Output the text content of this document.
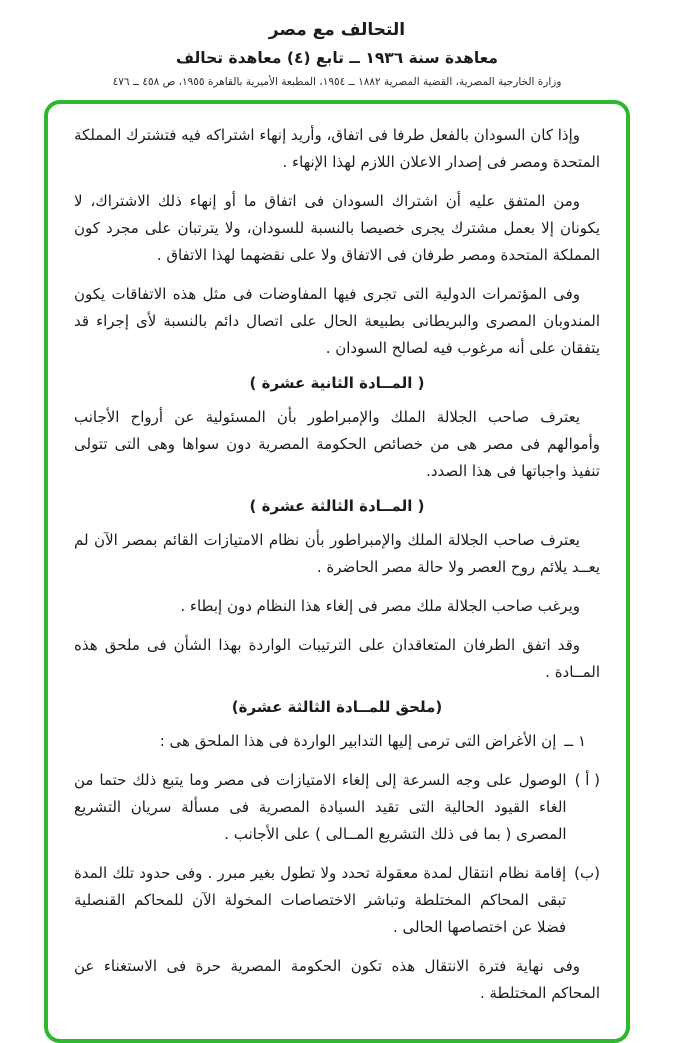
التحالف مع مصر
معاهدة سنة ١٩٣٦ ــ تابع (٤) معاهدة تحالف
وزارة الخارجية المصرية، القضية المصرية ١٨٨٢ ــ ١٩٥٤، المطبعة الأميرية بالقاهرة ١٩٥٥، ص ٤٥٨ ــ ٤٧٦

وإذا كان السودان بالفعل طرفا فى اتفاق، وأريد إنهاء اشتراكه فيه فتشترك المملكة المتحدة ومصر فى إصدار الاعلان اللازم لهذا الإنهاء .

ومن المتفق عليه أن اشتراك السودان فى اتفاق ما أو إنهاء ذلك الاشتراك، لا يكونان إلا بعمل مشترك يجرى خصيصا بالنسبة للسودان، ولا يترتبان على مجرد كون المملكة المتحدة ومصر طرفان فى الاتفاق ولا على نقضهما لهذا الاتفاق .

وفى المؤتمرات الدولية التى تجرى فيها المفاوضات فى مثل هذه الاتفاقات يكون المندوبان المصرى والبريطانى بطبيعة الحال على اتصال دائم بالنسبة لأى إجراء قد يتفقان على أنه مرغوب فيه لصالح السودان .

( المــادة الثانية عشرة )

يعترف صاحب الجلالة الملك والإمبراطور بأن المسئولية عن أرواح الأجانب وأموالهم فى مصر هى من خصائص الحكومة المصرية دون سواها وهى التى تتولى تنفيذ واجباتها فى هذا الصدد.

( المــادة الثالثة عشرة )

يعترف صاحب الجلالة الملك والإمبراطور بأن نظام الامتيازات القائم بمصر الآن لم يعــد يلائم روح العصر ولا حالة مصر الحاضرة .

ويرغب صاحب الجلالة ملك مصر فى إلغاء هذا النظام دون إبطاء .

وقد اتفق الطرفان المتعاقدان على الترتيبات الواردة بهذا الشأن فى ملحق هذه المــادة .

(ملحق للمــادة الثالثة عشرة)
١ ــ

إن الأغراض التى ترمى إليها التدابير الواردة فى هذا الملحق هى :

( أ )

الوصول على وجه السرعة إلى إلغاء الامتيازات فى مصر وما يتبع ذلك حتما من الغاء القيود الحالية التى تقيد السيادة المصرية فى مسألة سريان التشريع المصرى ( بما فى ذلك التشريع المــالى ) على الأجانب .

(ب)

إقامة نظام انتقال لمدة معقولة تحدد ولا تطول بغير مبرر . وفى حدود تلك المدة تبقى المحاكم المختلطة وتباشر الاختصاصات المخولة الآن للمحاكم القنصلية فضلا عن اختصاصها الحالى .

وفى نهاية فترة الانتقال هذه تكون الحكومة المصرية حرة فى الاستغناء عن المحاكم المختلطة .
